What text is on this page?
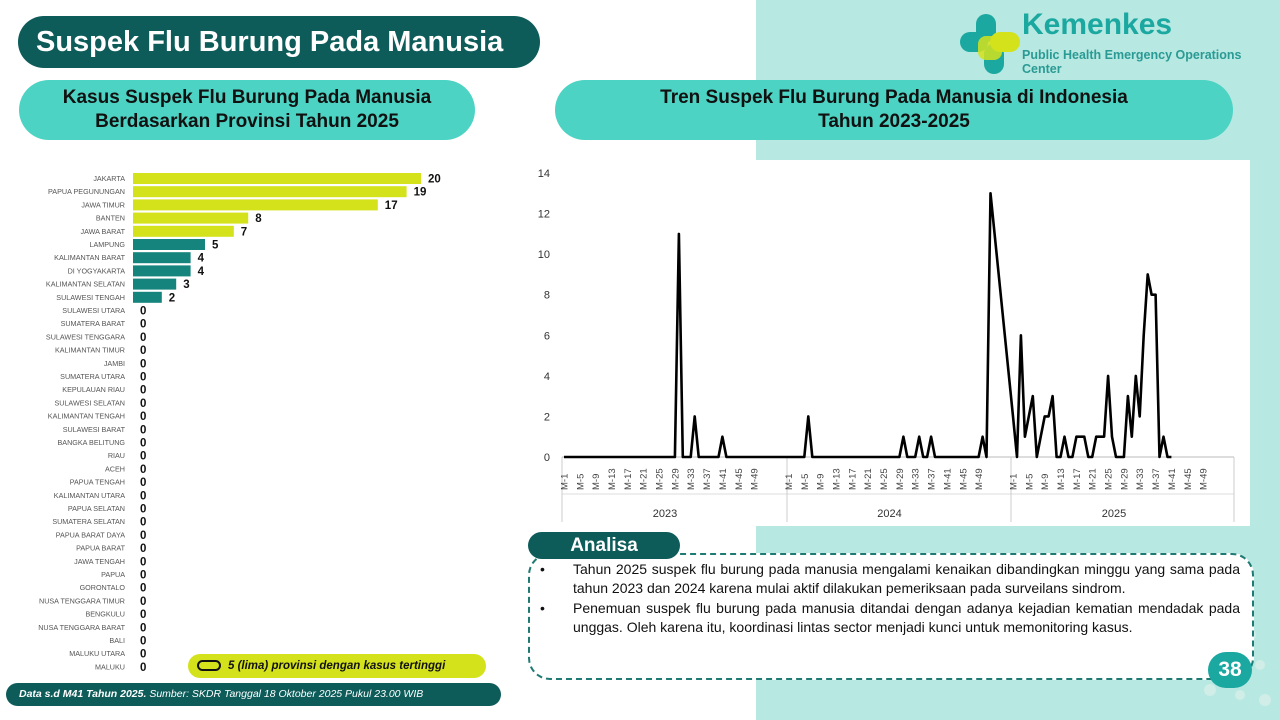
Suspek Flu Burung Pada Manusia
Kemenkes
Public Health Emergency Operations Center
Kasus Suspek Flu Burung Pada Manusia
Berdasarkan Provinsi Tahun 2025
Tren Suspek Flu Burung Pada Manusia di Indonesia
Tahun 2023-2025
JAKARTA	20
PAPUA PEGUNUNGAN	19
JAWA TIMUR	17
BANTEN	8
JAWA BARAT	7
LAMPUNG	5
KALIMANTAN BARAT	4
DI YOGYAKARTA	4
KALIMANTAN SELATAN	3
SULAWESI TENGAH	2
SULAWESI UTARA 0
SUMATERA BARAT 0
SULAWESI TENGGARA 0
KALIMANTAN TIMUR 0
JAMBI 0
SUMATERA UTARA 0
KEPULAUAN RIAU 0
SULAWESI SELATAN 0
KALIMANTAN TENGAH 0
SULAWESI BARAT 0
BANGKA BELITUNG 0
RIAU 0
ACEH 0
PAPUA TENGAH 0
KALIMANTAN UTARA 0
PAPUA SELATAN 0
SUMATERA SELATAN 0
PAPUA BARAT DAYA 0
PAPUA BARAT 0
JAWA TENGAH 0
PAPUA 0
GORONTALO 0
NUSA TENGGARA TIMUR 0
BENGKULU 0
NUSA TENGGARA BARAT 0
BALI 0
MALUKU UTARA 0
MALUKU 0
0
2
4
6
8
10
12
14
M-1 M-5 M-9 M-13 M-17 M-21 M-25 M-29 M-33 M-37 M-41 M-45 M-49
2023
M-1 M-5 M-9 M-13 M-17 M-21 M-25 M-29 M-33 M-37 M-41 M-45 M-49
2024
M-1 M-5 M-9 M-13 M-17 M-21 M-25 M-29 M-33 M-37 M-41 M-45 M-49
2025
5 (lima) provinsi dengan kasus tertinggi
Data s.d M41 Tahun 2025. Sumber: SKDR Tanggal 18 Oktober 2025 Pukul 23.00 WIB
Analisa
• Tahun 2025 suspek flu burung pada manusia mengalami kenaikan dibandingkan minggu yang sama pada tahun 2023 dan 2024 karena mulai aktif dilakukan pemeriksaan pada surveilans sindrom.
• Penemuan suspek flu burung pada manusia ditandai dengan adanya kejadian kematian mendadak pada unggas. Oleh karena itu, koordinasi lintas sector menjadi kunci untuk memonitoring kasus.
38
